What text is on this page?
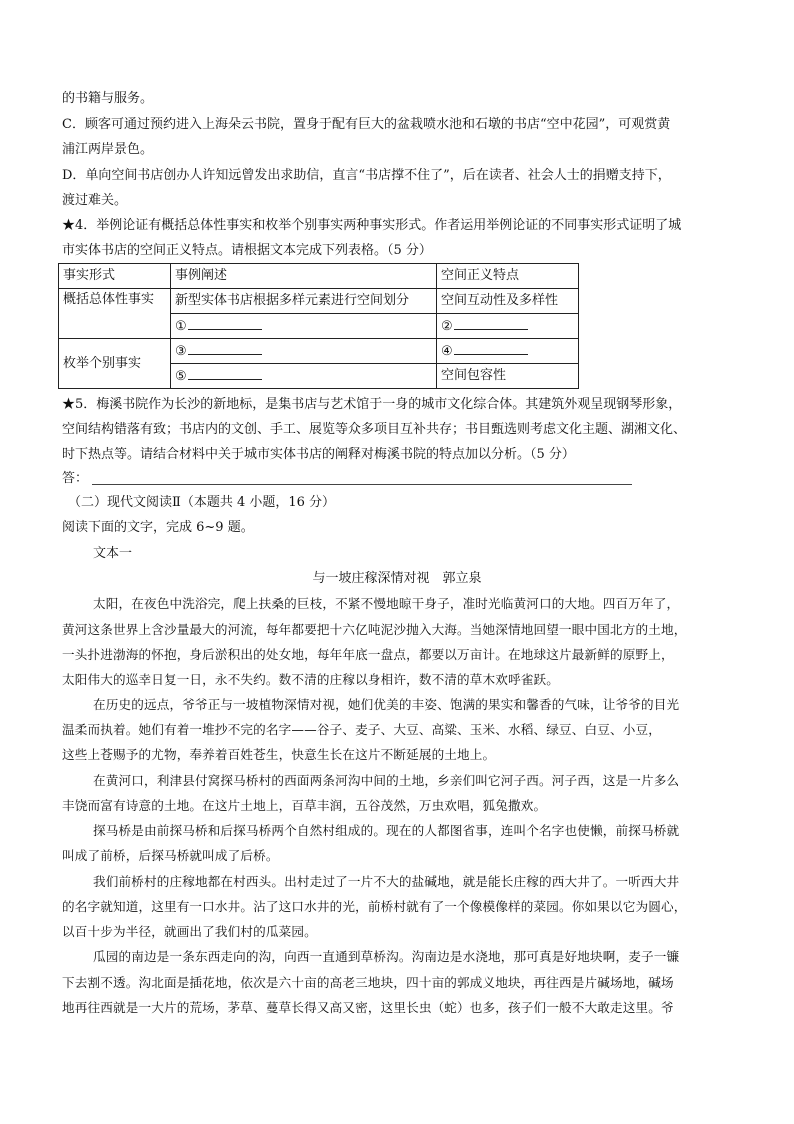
的书籍与服务。
C．顾客可通过预约进入上海朵云书院，置身于配有巨大的盆栽喷水池和石墩的书店“空中花园”，可观赏黄
浦江两岸景色。
D．单向空间书店创办人许知远曾发出求助信，直言“书店撑不住了”，后在读者、社会人士的捐赠支持下，
渡过难关。
★4．举例论证有概括总体性事实和枚举个别事实两种事实形式。作者运用举例论证的不同事实形式证明了城
市实体书店的空间正义特点。请根据文本完成下列表格。（5 分）
事实形式	事例阐述	空间正义特点
概括总体性事实	新型实体书店根据多样元素进行空间划分	空间互动性及多样性
	①	②
枚举个别事实	③	④
	⑤	空间包容性
★5．梅溪书院作为长沙的新地标，是集书店与艺术馆于一身的城市文化综合体。其建筑外观呈现钢琴形象，
空间结构错落有致；书店内的文创、手工、展览等众多项目互补共存；书目甄选则考虑文化主题、湖湘文化、
时下热点等。请结合材料中关于城市实体书店的阐释对梅溪书院的特点加以分析。（5 分）
答：
（二）现代文阅读Ⅱ（本题共 4 小题，16 分）
阅读下面的文字，完成 6~9 题。
文本一
与一坡庄稼深情对视　郭立泉
太阳，在夜色中洗浴完，爬上扶桑的巨枝，不紧不慢地晾干身子，准时光临黄河口的大地。四百万年了，
黄河这条世界上含沙量最大的河流，每年都要把十六亿吨泥沙抛入大海。当她深情地回望一眼中国北方的土地，
一头扑进渤海的怀抱，身后淤积出的处女地，每年年底一盘点，都要以万亩计。在地球这片最新鲜的原野上，
太阳伟大的巡幸日复一日，永不失约。数不清的庄稼以身相许，数不清的草木欢呼雀跃。
在历史的远点，爷爷正与一坡植物深情对视，她们优美的丰姿、饱满的果实和馨香的气味，让爷爷的目光
温柔而执着。她们有着一堆抄不完的名字——谷子、麦子、大豆、高粱、玉米、水稻、绿豆、白豆、小豆，
这些上苍赐予的尤物，奉养着百姓苍生，快意生长在这片不断延展的土地上。
在黄河口，利津县付窝探马桥村的西面两条河沟中间的土地，乡亲们叫它河子西。河子西，这是一片多么
丰饶而富有诗意的土地。在这片土地上，百草丰润，五谷茂然，万虫欢唱，狐兔撒欢。
探马桥是由前探马桥和后探马桥两个自然村组成的。现在的人都图省事，连叫个名字也使懒，前探马桥就
叫成了前桥，后探马桥就叫成了后桥。
我们前桥村的庄稼地都在村西头。出村走过了一片不大的盐碱地，就是能长庄稼的西大井了。一听西大井
的名字就知道，这里有一口水井。沾了这口水井的光，前桥村就有了一个像模像样的菜园。你如果以它为圆心，
以百十步为半径，就画出了我们村的瓜菜园。
瓜园的南边是一条东西走向的沟，向西一直通到草桥沟。沟南边是水浇地，那可真是好地块啊，麦子一镰
下去割不透。沟北面是插花地，依次是六十亩的高老三地块，四十亩的郭成义地块，再往西是片碱场地，碱场
地再往西就是一大片的荒场，茅草、蔓草长得又高又密，这里长虫（蛇）也多，孩子们一般不大敢走这里。爷
